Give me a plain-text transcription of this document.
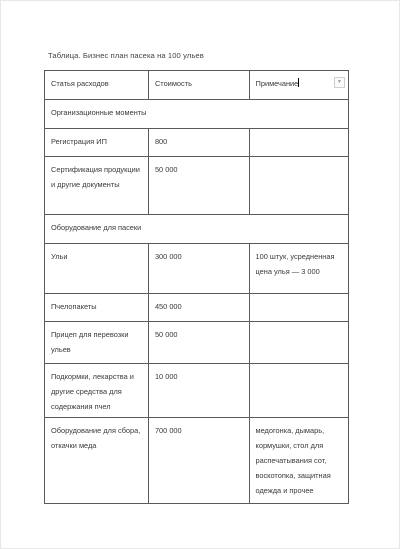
Таблица. Бизнес план пасека на 100 ульев
Статья расходов	Стоимость	Примечание ▼

Организационные моменты		
Регистрация ИП	800	
Сертификация продукции и другие документы	50 000	
Оборудование для пасеки		
Ульи	300 000	100 штук, усредненная цена улья — 3 000
Пчелопакеты	450 000	
Прицеп для перевозки ульев	50 000	
Подкормки, лекарства и другие средства для содержания пчел	10 000	
Оборудование для сбора, откачки меда	700 000	медогонка, дымарь, кормушки, стол для распечатывания сот, воскотопка, защитная одежда и прочее
